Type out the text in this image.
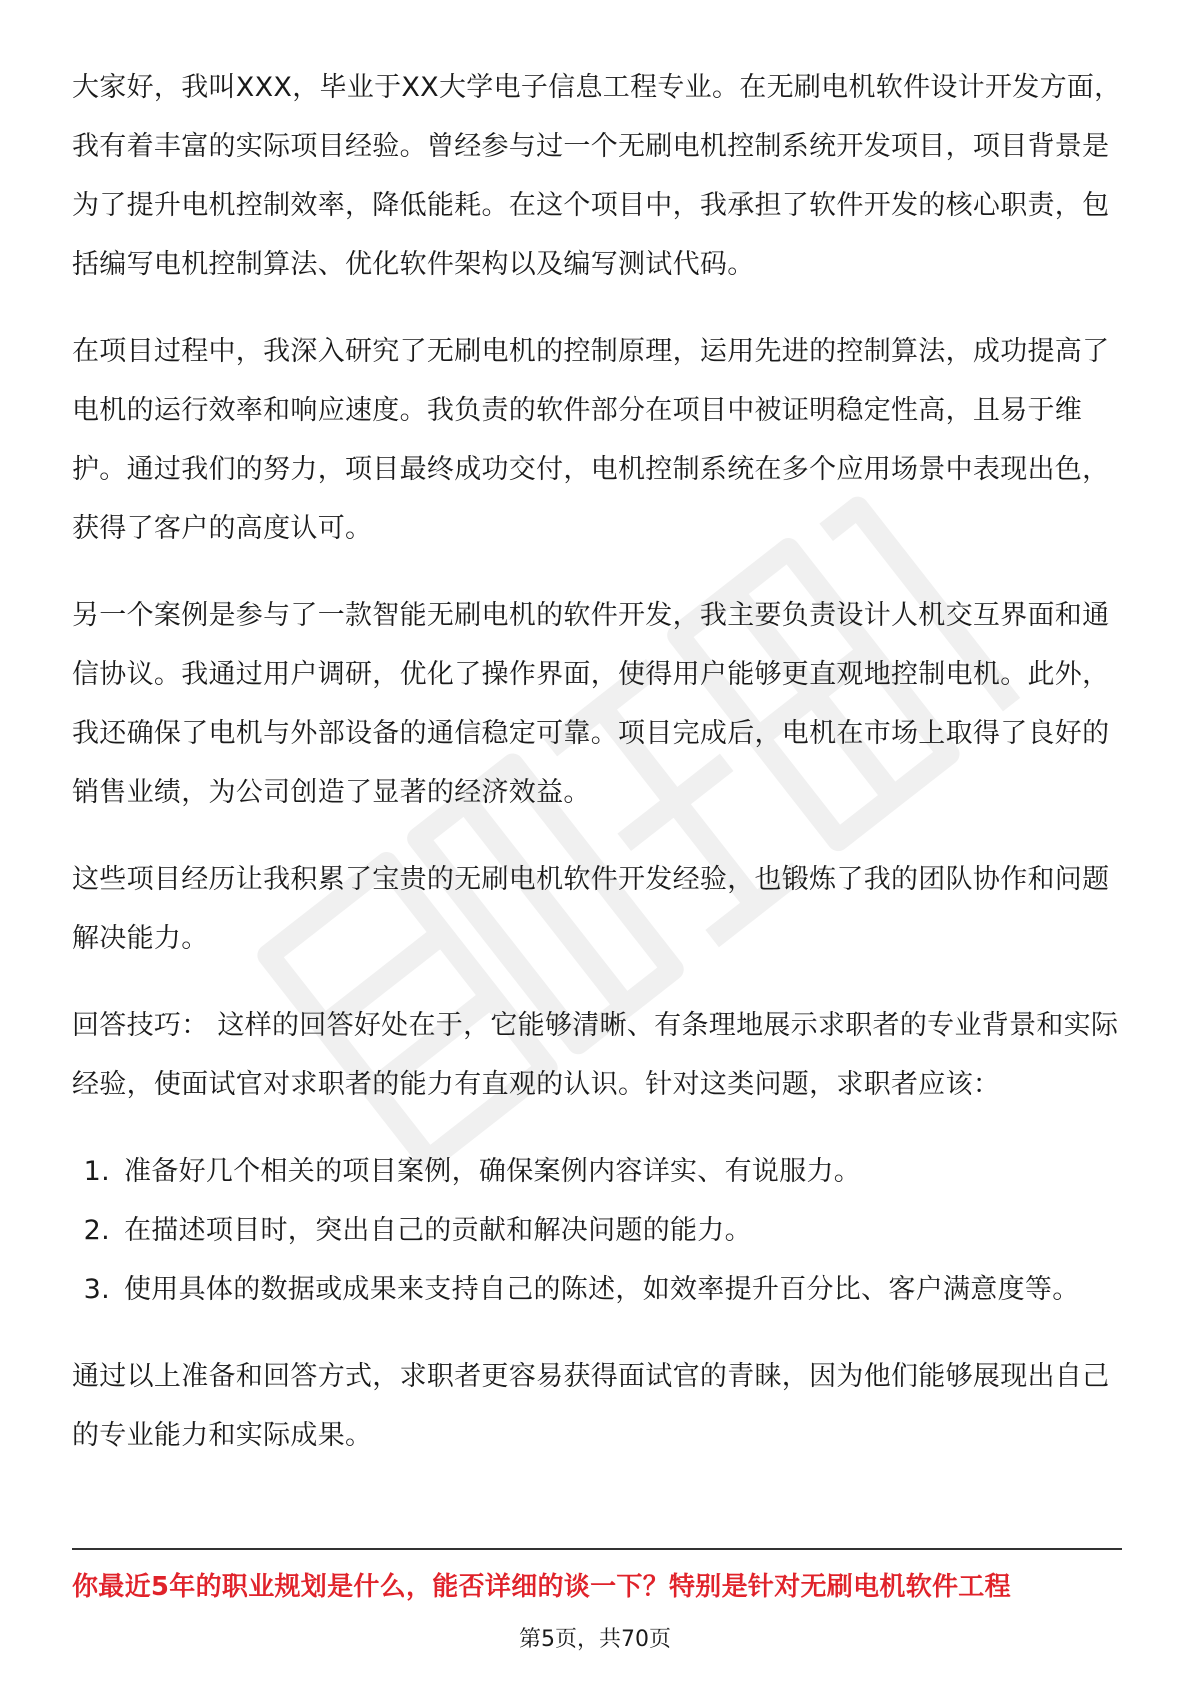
大家好，我叫XXX，毕业于XX大学电子信息工程专业。在无刷电机软件设计开发方面，我有着丰富的实际项目经验。曾经参与过一个无刷电机控制系统开发项目，项目背景是为了提升电机控制效率，降低能耗。在这个项目中，我承担了软件开发的核心职责，包括编写电机控制算法、优化软件架构以及编写测试代码。

在项目过程中，我深入研究了无刷电机的控制原理，运用先进的控制算法，成功提高了电机的运行效率和响应速度。我负责的软件部分在项目中被证明稳定性高，且易于维护。通过我们的努力，项目最终成功交付，电机控制系统在多个应用场景中表现出色，获得了客户的高度认可。

另一个案例是参与了一款智能无刷电机的软件开发，我主要负责设计人机交互界面和通信协议。我通过用户调研，优化了操作界面，使得用户能够更直观地控制电机。此外，我还确保了电机与外部设备的通信稳定可靠。项目完成后，电机在市场上取得了良好的销售业绩，为公司创造了显著的经济效益。

这些项目经历让我积累了宝贵的无刷电机软件开发经验，也锻炼了我的团队协作和问题解决能力。

回答技巧： 这样的回答好处在于，它能够清晰、有条理地展示求职者的专业背景和实际经验，使面试官对求职者的能力有直观的认识。针对这类问题，求职者应该：

1. 准备好几个相关的项目案例，确保案例内容详实、有说服力。
2. 在描述项目时，突出自己的贡献和解决问题的能力。
3. 使用具体的数据或成果来支持自己的陈述，如效率提升百分比、客户满意度等。

通过以上准备和回答方式，求职者更容易获得面试官的青睐，因为他们能够展现出自己的专业能力和实际成果。

你最近5年的职业规划是什么，能否详细的谈一下？特别是针对无刷电机软件工程
第5页，共70页
